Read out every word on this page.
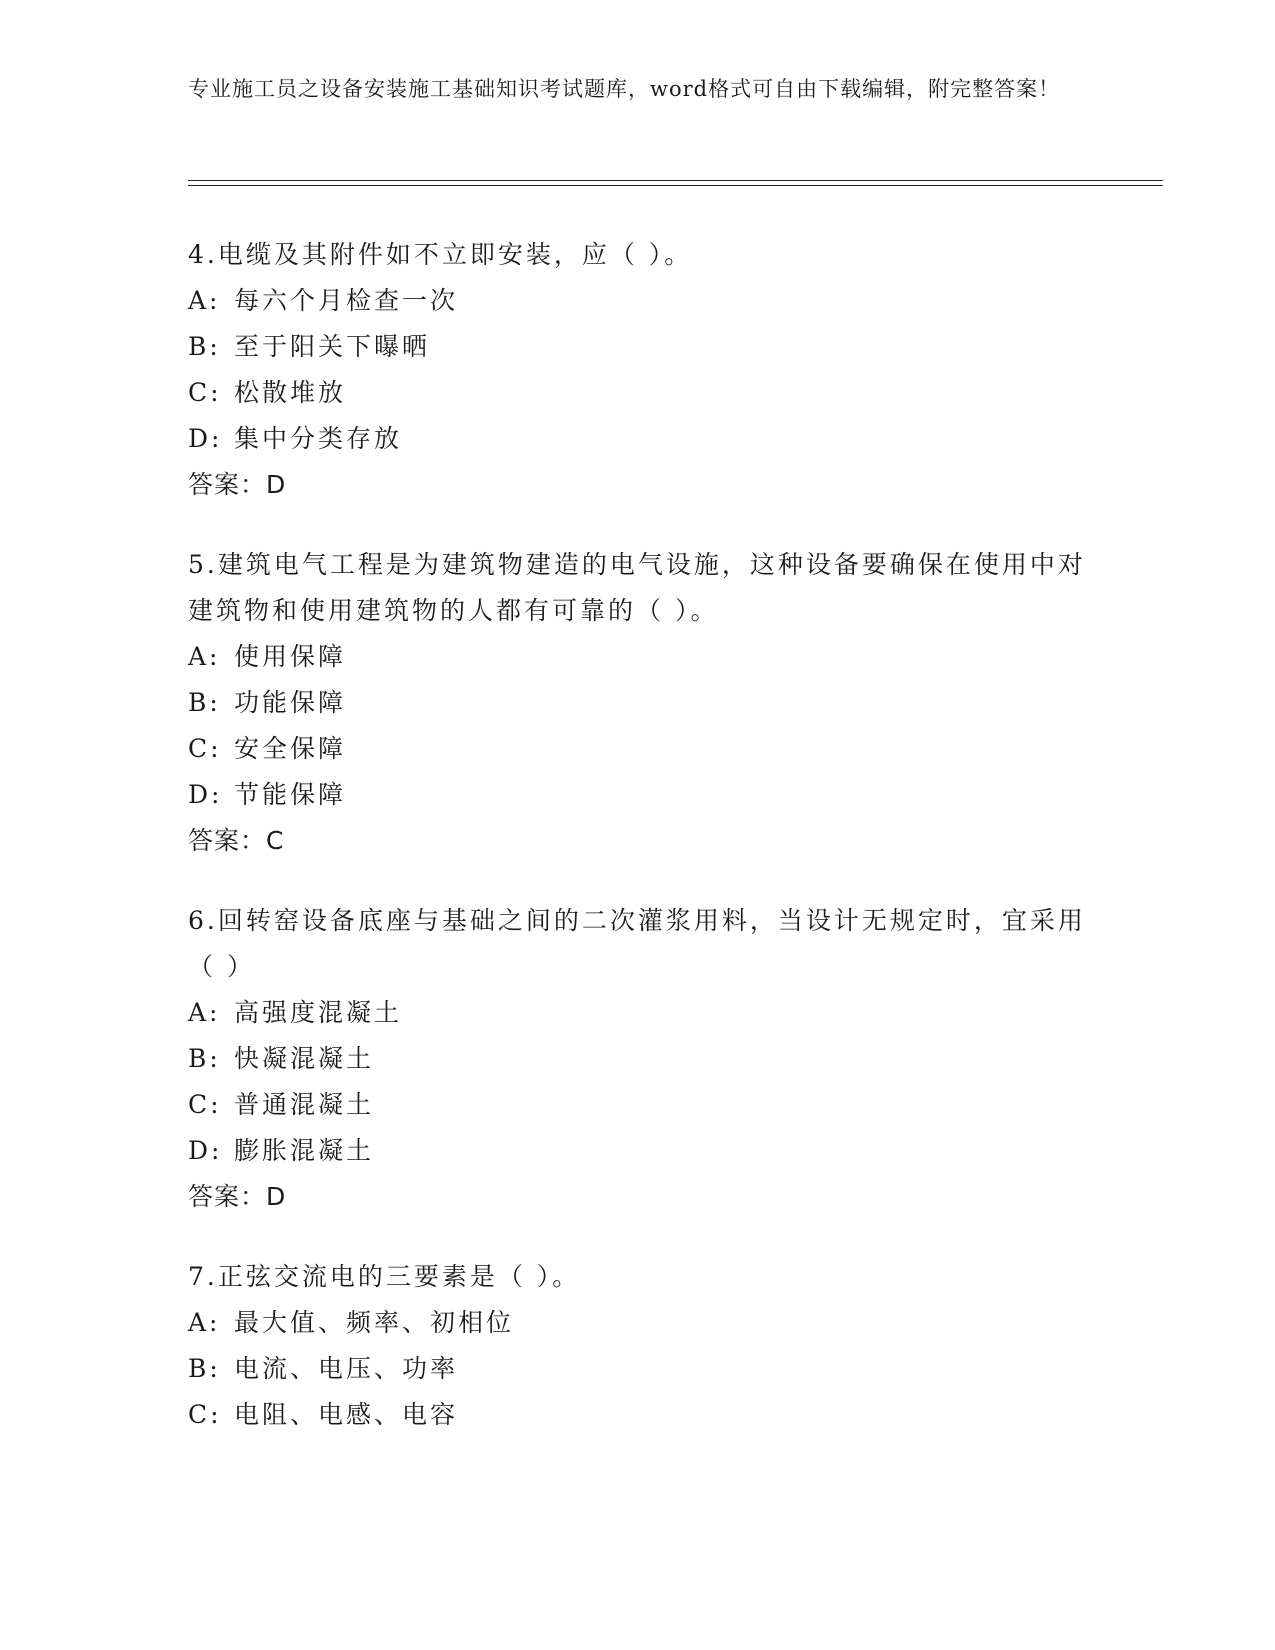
专业施工员之设备安装施工基础知识考试题库，word格式可自由下载编辑，附完整答案！

4.电缆及其附件如不立即安装，应（ ）。

A: 每六个月检查一次
B: 至于阳关下曝晒
C: 松散堆放
D: 集中分类存放
答案：D

5.建筑电气工程是为建筑物建造的电气设施，这种设备要确保在使用中对建筑物和使用建筑物的人都有可靠的（ ）。

A: 使用保障
B: 功能保障
C: 安全保障
D: 节能保障
答案：C

6.回转窑设备底座与基础之间的二次灌浆用料，当设计无规定时，宜采用（ ）

A: 高强度混凝土
B: 快凝混凝土
C: 普通混凝土
D: 膨胀混凝土
答案：D

7.正弦交流电的三要素是（ ）。

A: 最大值、频率、初相位
B: 电流、电压、功率
C: 电阻、电感、电容
